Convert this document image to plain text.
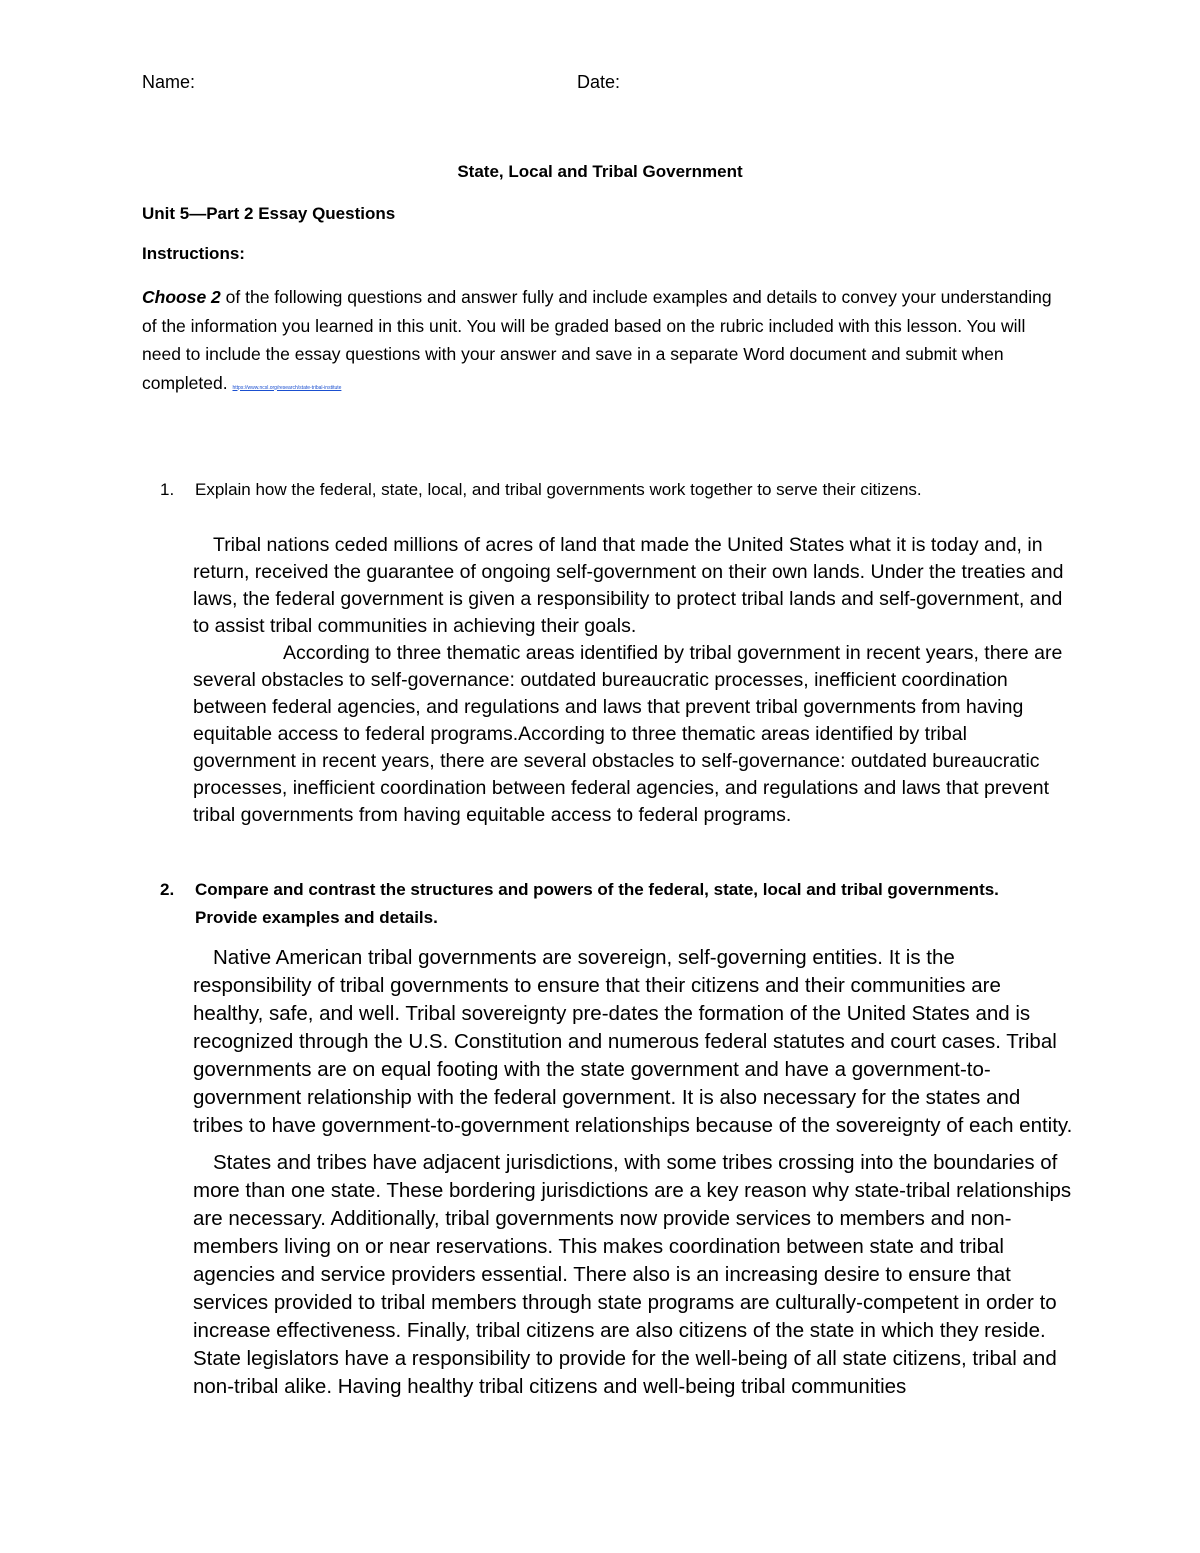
Name:	Date:
State, Local and Tribal Government
Unit 5—Part 2 Essay Questions
Instructions:
Choose 2 of the following questions and answer fully and include examples and details to convey your understanding of the information you learned in this unit. You will be graded based on the rubric included with this lesson. You will need to include the essay questions with your answer and save in a separate Word document and submit when completed. https://www.ncsl.org/research/state-tribal-institute
1. Explain how the federal, state, local, and tribal governments work together to serve their citizens.
Tribal nations ceded millions of acres of land that made the United States what it is today and, in return, received the guarantee of ongoing self-government on their own lands. Under the treaties and laws, the federal government is given a responsibility to protect tribal lands and self-government, and to assist tribal communities in achieving their goals.
According to three thematic areas identified by tribal government in recent years, there are several obstacles to self-governance: outdated bureaucratic processes, inefficient coordination between federal agencies, and regulations and laws that prevent tribal governments from having equitable access to federal programs.According to three thematic areas identified by tribal government in recent years, there are several obstacles to self-governance: outdated bureaucratic processes, inefficient coordination between federal agencies, and regulations and laws that prevent tribal governments from having equitable access to federal programs.
2. Compare and contrast the structures and powers of the federal, state, local and tribal governments. Provide examples and details.

Native American tribal governments are sovereign, self-governing entities. It is the responsibility of tribal governments to ensure that their citizens and their communities are healthy, safe, and well. Tribal sovereignty pre-dates the formation of the United States and is recognized through the U.S. Constitution and numerous federal statutes and court cases. Tribal governments are on equal footing with the state government and have a government-to-government relationship with the federal government. It is also necessary for the states and tribes to have government-to-government relationships because of the sovereignty of each entity.

States and tribes have adjacent jurisdictions, with some tribes crossing into the boundaries of more than one state. These bordering jurisdictions are a key reason why state-tribal relationships are necessary. Additionally, tribal governments now provide services to members and non-members living on or near reservations. This makes coordination between state and tribal agencies and service providers essential. There also is an increasing desire to ensure that services provided to tribal members through state programs are culturally-competent in order to increase effectiveness. Finally, tribal citizens are also citizens of the state in which they reside. State legislators have a responsibility to provide for the well-being of all state citizens, tribal and non-tribal alike. Having healthy tribal citizens and well-being tribal communities
